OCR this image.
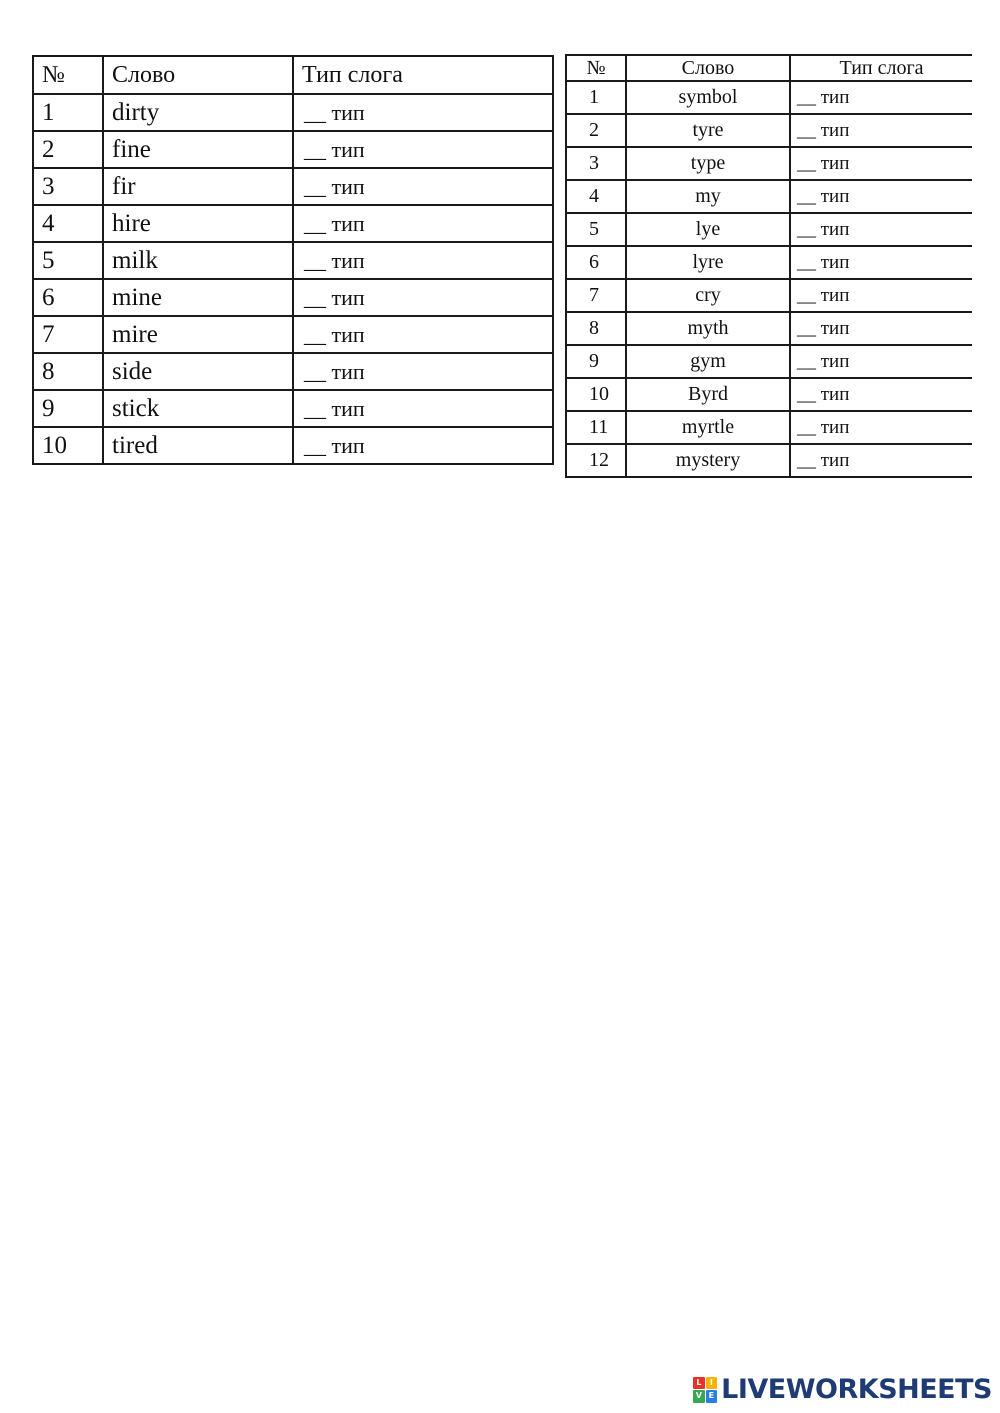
№	Слово	Тип слога
1	dirty	__ тип
2	fine	__ тип
3	fir	__ тип
4	hire	__ тип
5	milk	__ тип
6	mine	__ тип
7	mire	__ тип
8	side	__ тип
9	stick	__ тип
10	tired	__ тип
№	Слово	Тип слога
1	symbol	__ тип
2	tyre	__ тип
3	type	__ тип
4	my	__ тип
5	lye	__ тип
6	lyre	__ тип
7	cry	__ тип
8	myth	__ тип
9	gym	__ тип
10	Byrd	__ тип
11	myrtle	__ тип
12	mystery	__ тип
L	I
V E LIVEWORKSHEETS
